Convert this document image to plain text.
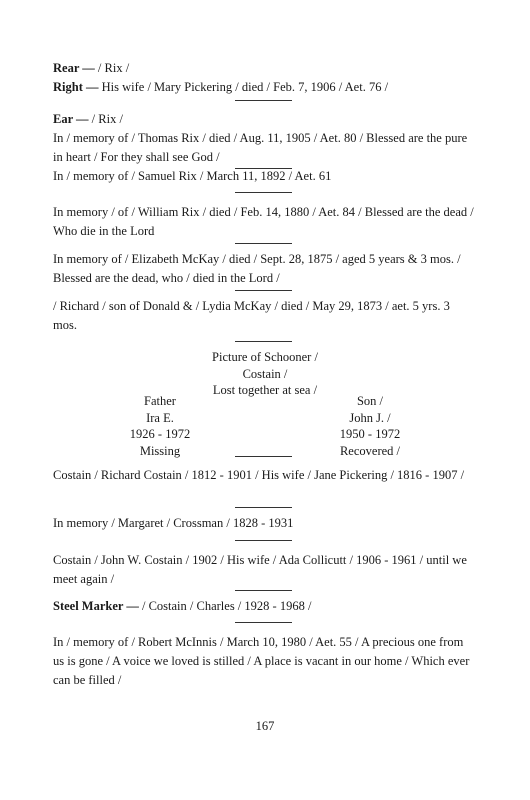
Rear — / Rix /
Right — His wife / Mary Pickering / died / Feb. 7, 1906 / Aet. 76 /

Ear — / Rix /
In / memory of / Thomas Rix / died / Aug. 11, 1905 / Aet. 80 / Blessed are the pure in heart / For they shall see God /

In / memory of / Samuel Rix / March 11, 1892 / Aet. 61

In memory / of / William Rix / died / Feb. 14, 1880 / Aet. 84 / Blessed are the dead / Who die in the Lord

In memory of / Elizabeth McKay / died / Sept. 28, 1875 / aged 5 years & 3 mos. / Blessed are the dead, who / died in the Lord /

/ Richard / son of Donald & / Lydia McKay / died / May 29, 1873 / aet. 5 yrs. 3 mos.

Picture of Schooner /
Costain /
Lost together at sea /
Father
Ira E.
1926 - 1972
Missing
Son /
John J. /
1950 - 1972
Recovered /

Costain / Richard Costain / 1812 - 1901 / His wife / Jane Pickering / 1816 - 1907 /

In memory / Margaret / Crossman / 1828 - 1931

Costain / John W. Costain / 1902 / His wife / Ada Collicutt / 1906 - 1961 / until we meet again /

Steel Marker — / Costain / Charles / 1928 - 1968 /

In / memory of / Robert McInnis / March 10, 1980 / Aet. 55 / A precious one from us is gone / A voice we loved is stilled / A place is vacant in our home / Which ever can be filled /

167
